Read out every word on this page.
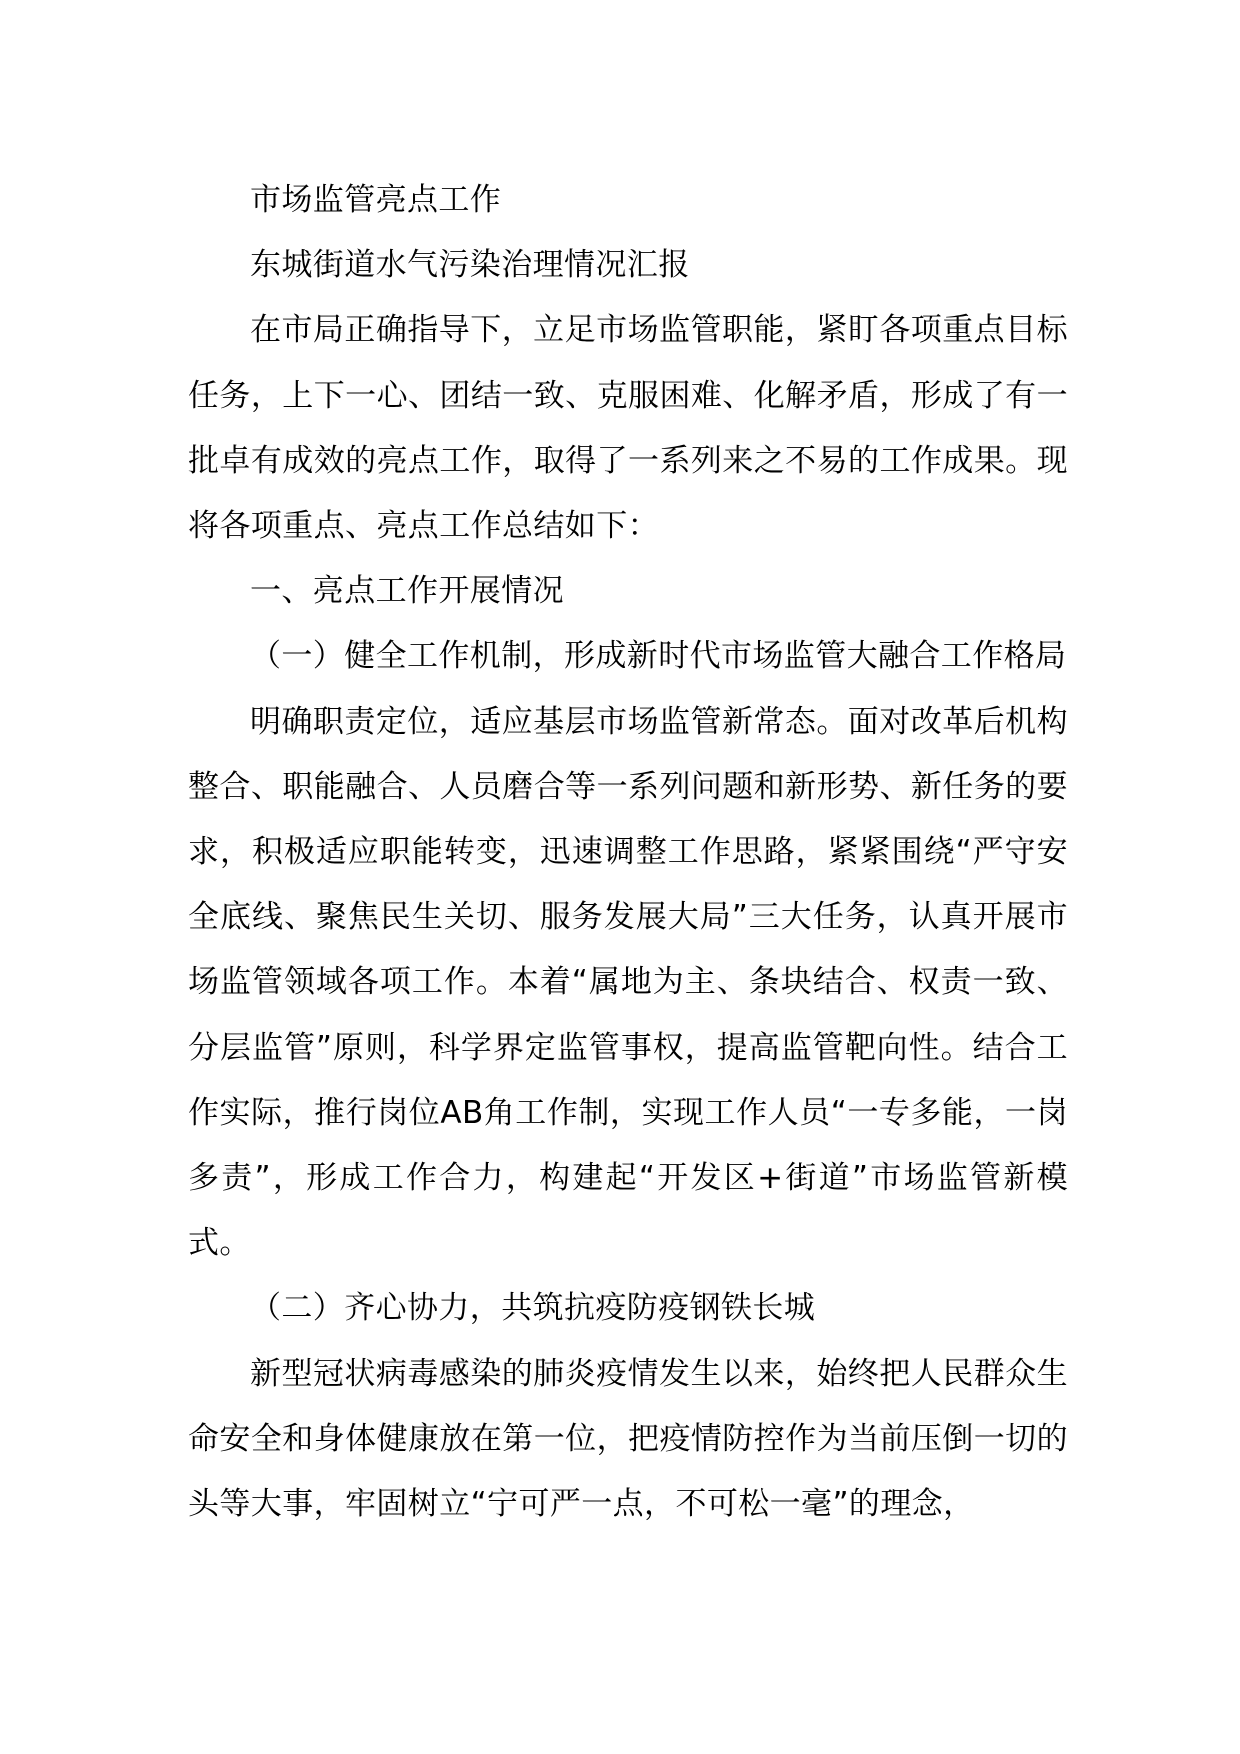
市场监管亮点工作

东城街道水气污染治理情况汇报

在市局正确指导下，立足市场监管职能，紧盯各项重点目标任务，上下一心、团结一致、克服困难、化解矛盾，形成了有一批卓有成效的亮点工作，取得了一系列来之不易的工作成果。现将各项重点、亮点工作总结如下：

一、亮点工作开展情况

（一）健全工作机制，形成新时代市场监管大融合工作格局

明确职责定位，适应基层市场监管新常态。面对改革后机构整合、职能融合、人员磨合等一系列问题和新形势、新任务的要求，积极适应职能转变，迅速调整工作思路，紧紧围绕“严守安全底线、聚焦民生关切、服务发展大局”三大任务，认真开展市场监管领域各项工作。本着“属地为主、条块结合、权责一致、分层监管”原则，科学界定监管事权，提高监管靶向性。结合工作实际，推行岗位AB角工作制，实现工作人员“一专多能，一岗多责”，形成工作合力，构建起“开发区+街道”市场监管新模式。

（二）齐心协力，共筑抗疫防疫钢铁长城

新型冠状病毒感染的肺炎疫情发生以来，始终把人民群众生命安全和身体健康放在第一位，把疫情防控作为当前压倒一切的头等大事，牢固树立“宁可严一点，不可松一毫”的理念，
